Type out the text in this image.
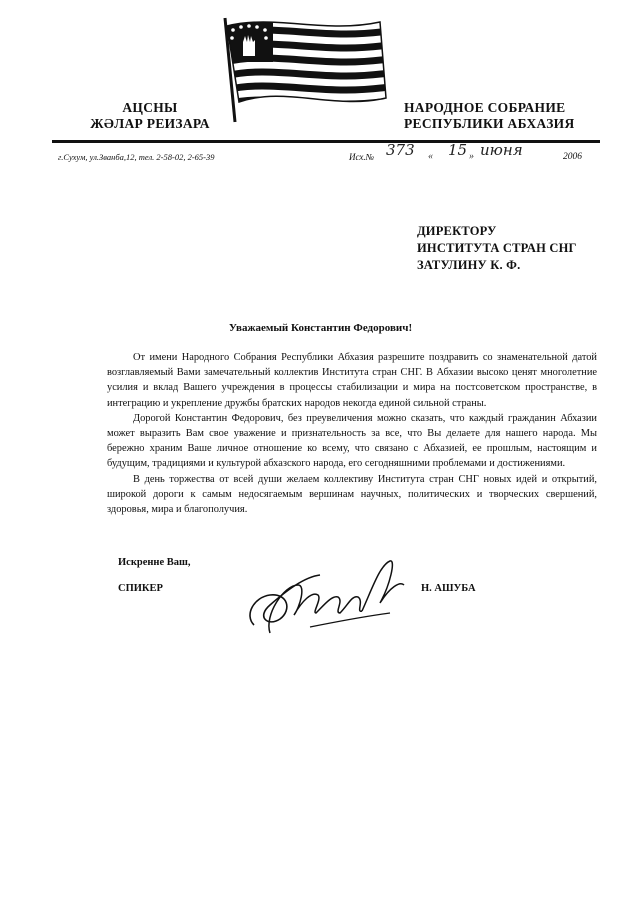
АЦСНЫ
ЖӘЛАР РЕИЗАРА
НАРОДНОЕ СОБРАНИЕ
РЕСПУБЛИКИ АБХАЗИЯ
г.Сухум, ул.Званба,12, тел. 2-58-02, 2-65-39	Исх.№ 373 « 15 » июня	2006
ДИРЕКТОРУ
ИНСТИТУТА СТРАН СНГ
ЗАТУЛИНУ К. Ф.
Уважаемый Константин Федорович!

От имени Народного Собрания Республики Абхазия разрешите поздравить со знаменательной датой возглавляемый Вами замечательный коллектив Института стран СНГ. В Абхазии высоко ценят многолетние усилия и вклад Вашего учреждения в процессы стабилизации и мира на постсоветском пространстве, в интеграцию и укрепление дружбы братских народов некогда единой сильной страны.

Дорогой Константин Федорович, без преувеличения можно сказать, что каждый гражданин Абхазии может выразить Вам свое уважение и признательность за все, что Вы делаете для нашего народа. Мы бережно храним Ваше личное отношение ко всему, что связано с Абхазией, ее прошлым, настоящим и будущим, традициями и культурой абхазского народа, его сегодняшними проблемами и достижениями.

В день торжества от всей души желаем коллективу Института стран СНГ новых идей и открытий, широкой дороги к самым недосягаемым вершинам научных, политических и творческих свершений, здоровья, мира и благополучия.

Искренне Ваш,
СПИКЕР	Н. АШУБА
